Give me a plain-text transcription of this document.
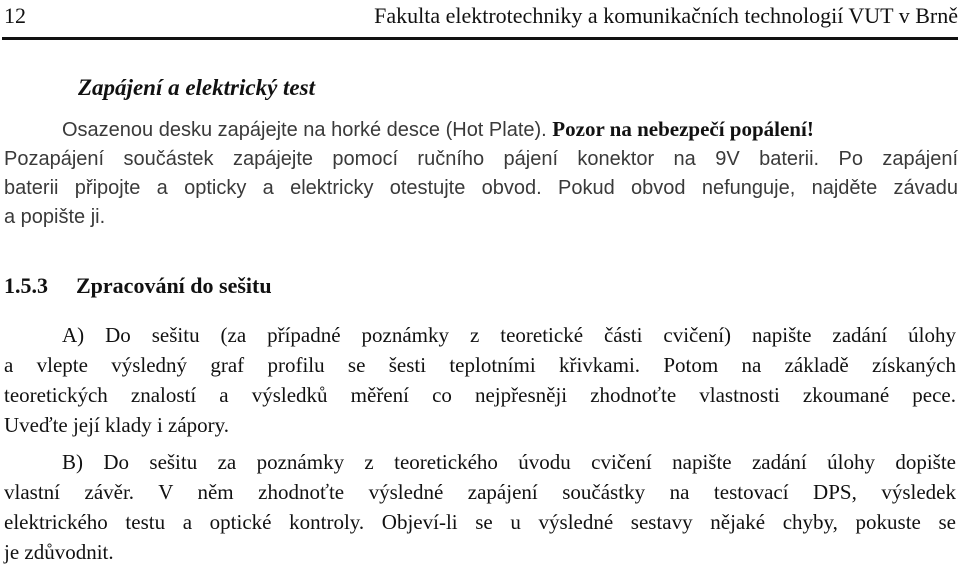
12	Fakulta elektrotechniky a komunikačních technologií VUT v Brně
Zapájení a elektrický test
Osazenou desku zapájejte na horké desce (Hot Plate). Pozor na nebezpečí popálení!
Pozapájení součástek zapájejte pomocí ručního pájení konektor na 9V baterii. Po zapájení
baterii připojte a opticky a elektricky otestujte obvod. Pokud obvod nefunguje, najděte závadu
a popište ji.
1.5.3 Zpracování do sešitu
A) Do sešitu (za případné poznámky z teoretické části cvičení) napište zadání úlohy
a vlepte výsledný graf profilu se šesti teplotními křivkami. Potom na základě získaných
teoretických znalostí a výsledků měření co nejpřesněji zhodnoťte vlastnosti zkoumané pece.
Uveďte její klady i zápory.
B) Do sešitu za poznámky z teoretického úvodu cvičení napište zadání úlohy dopište
vlastní závěr. V něm zhodnoťte výsledné zapájení součástky na testovací DPS, výsledek
elektrického testu a optické kontroly. Objeví-li se u výsledné sestavy nějaké chyby, pokuste se
je zdůvodnit.
